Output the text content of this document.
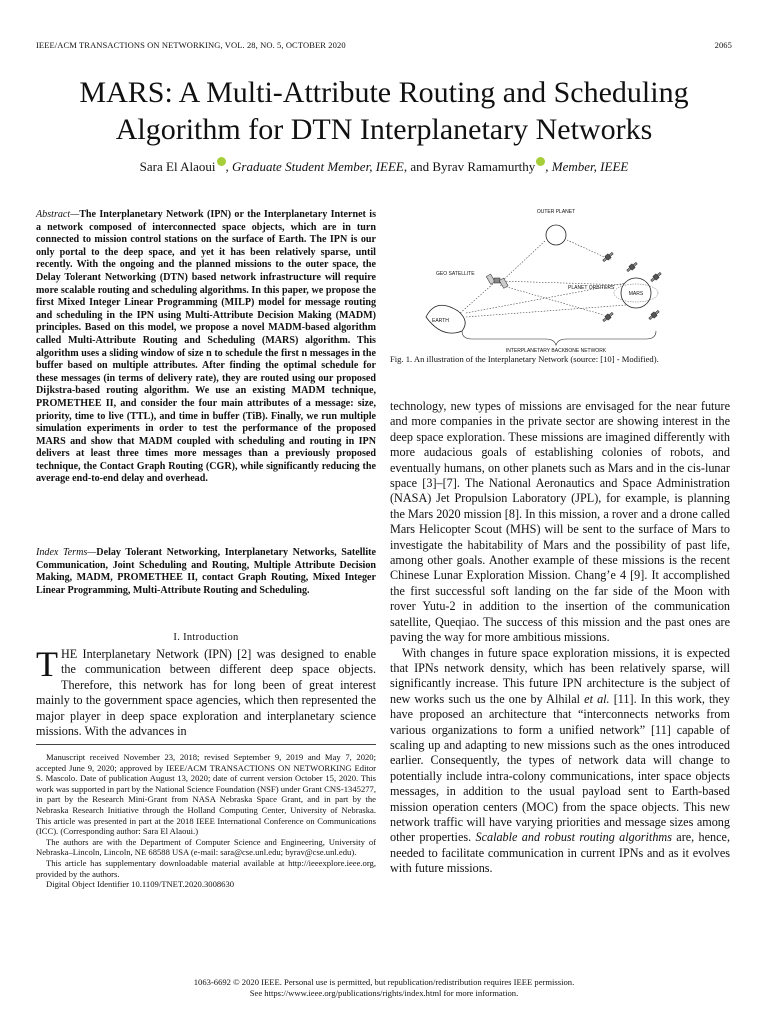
IEEE/ACM TRANSACTIONS ON NETWORKING, VOL. 28, NO. 5, OCTOBER 2020	2065
MARS: A Multi-Attribute Routing and Scheduling Algorithm for DTN Interplanetary Networks
Sara El Alaoui , Graduate Student Member, IEEE, and Byrav Ramamurthy , Member, IEEE
Abstract—The Interplanetary Network (IPN) or the Interplanetary Internet is a network composed of interconnected space objects, which are in turn connected to mission control stations on the surface of Earth. The IPN is our only portal to the deep space, and yet it has been relatively sparse, until recently. With the ongoing and the planned missions to the outer space, the Delay Tolerant Networking (DTN) based network infrastructure will require more scalable routing and scheduling algorithms. In this paper, we propose the first Mixed Integer Linear Programming (MILP) model for message routing and scheduling in the IPN using Multi-Attribute Decision Making (MADM) principles. Based on this model, we propose a novel MADM-based algorithm called Multi-Attribute Routing and Scheduling (MARS) algorithm. This algorithm uses a sliding window of size n to schedule the first n messages in the buffer based on multiple attributes. After finding the optimal schedule for these messages (in terms of delivery rate), they are routed using our proposed Dijkstra-based routing algorithm. We use an existing MADM technique, PROMETHEE II, and consider the four main attributes of a message: size, priority, time to live (TTL), and time in buffer (TiB). Finally, we run multiple simulation experiments in order to test the performance of the proposed MARS and show that MADM coupled with scheduling and routing in IPN delivers at least three times more messages than a previously proposed technique, the Contact Graph Routing (CGR), while significantly reducing the average end-to-end delay and overhead.
Index Terms—Delay Tolerant Networking, Interplanetary Networks, Satellite Communication, Joint Scheduling and Routing, Multiple Attribute Decision Making, MADM, PROMETHEE II, contact Graph Routing, Mixed Integer Linear Programming, Multi-Attribute Routing and Scheduling.
I. Introduction
THE Interplanetary Network (IPN) [2] was designed to enable the communication between different deep space objects. Therefore, this network has for long been of great interest mainly to the government space agencies, which then represented the major player in deep space exploration and interplanetary science missions. With the advances in

Manuscript received November 23, 2018; revised September 9, 2019 and May 7, 2020; accepted June 9, 2020; approved by IEEE/ACM TRANSACTIONS ON NETWORKING Editor S. Mascolo. Date of publication August 13, 2020; date of current version October 15, 2020. This work was supported in part by the National Science Foundation (NSF) under Grant CNS-1345277, in part by the Research Mini-Grant from NASA Nebraska Space Grant, and in part by the Nebraska Research Initiative through the Holland Computing Center, University of Nebraska. This article was presented in part at the 2018 IEEE International Conference on Communications (ICC). (Corresponding author: Sara El Alaoui.)

The authors are with the Department of Computer Science and Engineering, University of Nebraska–Lincoln, Lincoln, NE 68588 USA (e-mail: sara@cse.unl.edu; byrav@cse.unl.edu).

This article has supplementary downloadable material available at http://ieeexplore.ieee.org, provided by the authors.

Digital Object Identifier 10.1109/TNET.2020.3008630

OUTER PLANET
EARTH
GEO SATELLITE
MARS
PLANET ORBITERS
INTERPLANETARY BACKBONE NETWORK
Fig. 1. An illustration of the Interplanetary Network (source: [10] - Modified).

technology, new types of missions are envisaged for the near future and more companies in the private sector are showing interest in the deep space exploration. These missions are imagined differently with more audacious goals of establishing colonies of robots, and eventually humans, on other planets such as Mars and in the cis-lunar space [3]–[7]. The National Aeronautics and Space Administration (NASA) Jet Propulsion Laboratory (JPL), for example, is planning the Mars 2020 mission [8]. In this mission, a rover and a drone called Mars Helicopter Scout (MHS) will be sent to the surface of Mars to investigate the habitability of Mars and the possibility of past life, among other goals. Another example of these missions is the recent Chinese Lunar Exploration Mission. Chang’e 4 [9]. It accomplished the first successful soft landing on the far side of the Moon with rover Yutu-2 in addition to the insertion of the communication satellite, Queqiao. The success of this mission and the past ones are paving the way for more ambitious missions.

With changes in future space exploration missions, it is expected that IPNs network density, which has been relatively sparse, will significantly increase. This future IPN architecture is the subject of new works such us the one by Alhilal et al. [11]. In this work, they have proposed an architecture that “interconnects networks from various organizations to form a unified network” [11] capable of scaling up and adapting to new missions such as the ones introduced earlier. Consequently, the types of network data will change to potentially include intra-colony communications, inter space objects messages, in addition to the usual payload sent to Earth-based mission operation centers (MOC) from the space objects. This new network traffic will have varying priorities and message sizes among other properties. Scalable and robust routing algorithms are, hence, needed to facilitate communication in current IPNs and as it evolves with future missions.

1063-6692 © 2020 IEEE. Personal use is permitted, but republication/redistribution requires IEEE permission.
See https://www.ieee.org/publications/rights/index.html for more information.
